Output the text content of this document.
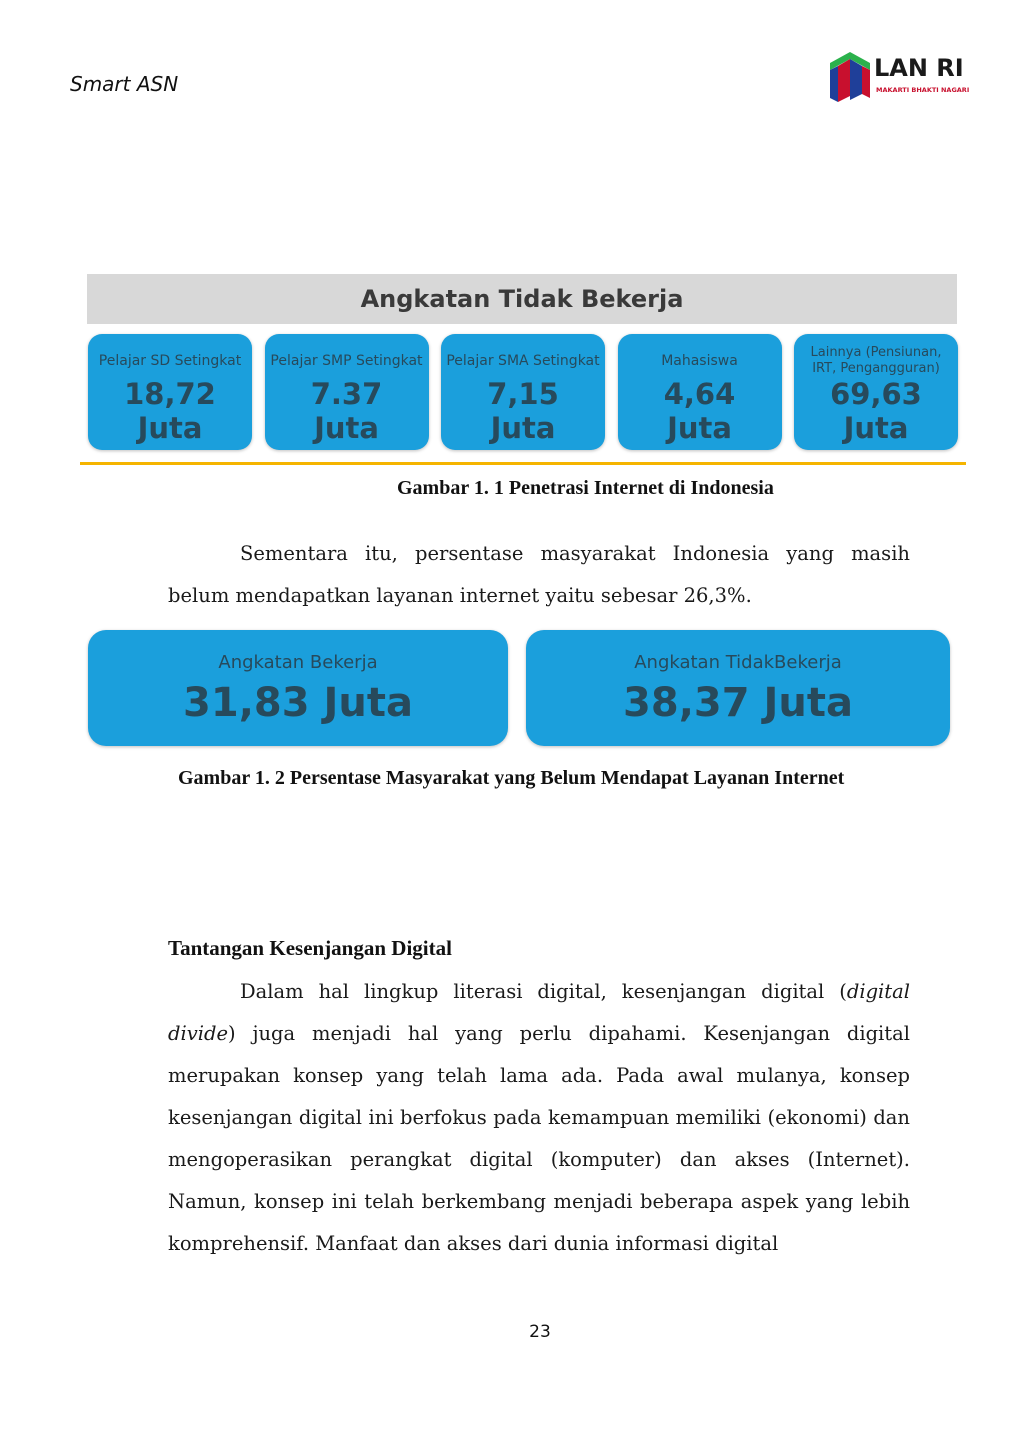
Smart ASN
LAN RI
MAKARTI BHAKTI NAGARI
Angkatan Tidak Bekerja
Pelajar SD Setingkat
18,72
Juta
Pelajar SMP Setingkat
7.37
Juta
Pelajar SMA Setingkat
7,15
Juta
Mahasiswa
4,64
Juta
Lainnya (Pensiunan, IRT, Pengangguran)
69,63
Juta
Gambar 1. 1 Penetrasi Internet di Indonesia
Sementara itu, persentase masyarakat Indonesia yang masih belum mendapatkan layanan internet yaitu sebesar 26,3%.
Angkatan Bekerja
31,83 Juta
Angkatan TidakBekerja
38,37 Juta
Gambar 1. 2 Persentase Masyarakat yang Belum Mendapat Layanan Internet
Tantangan Kesenjangan Digital
Dalam hal lingkup literasi digital, kesenjangan digital (digital divide) juga menjadi hal yang perlu dipahami. Kesenjangan digital merupakan konsep yang telah lama ada. Pada awal mulanya, konsep kesenjangan digital ini berfokus pada kemampuan memiliki (ekonomi) dan mengoperasikan perangkat digital (komputer) dan akses (Internet). Namun, konsep ini telah berkembang menjadi beberapa aspek yang lebih komprehensif. Manfaat dan akses dari dunia informasi digital
23
